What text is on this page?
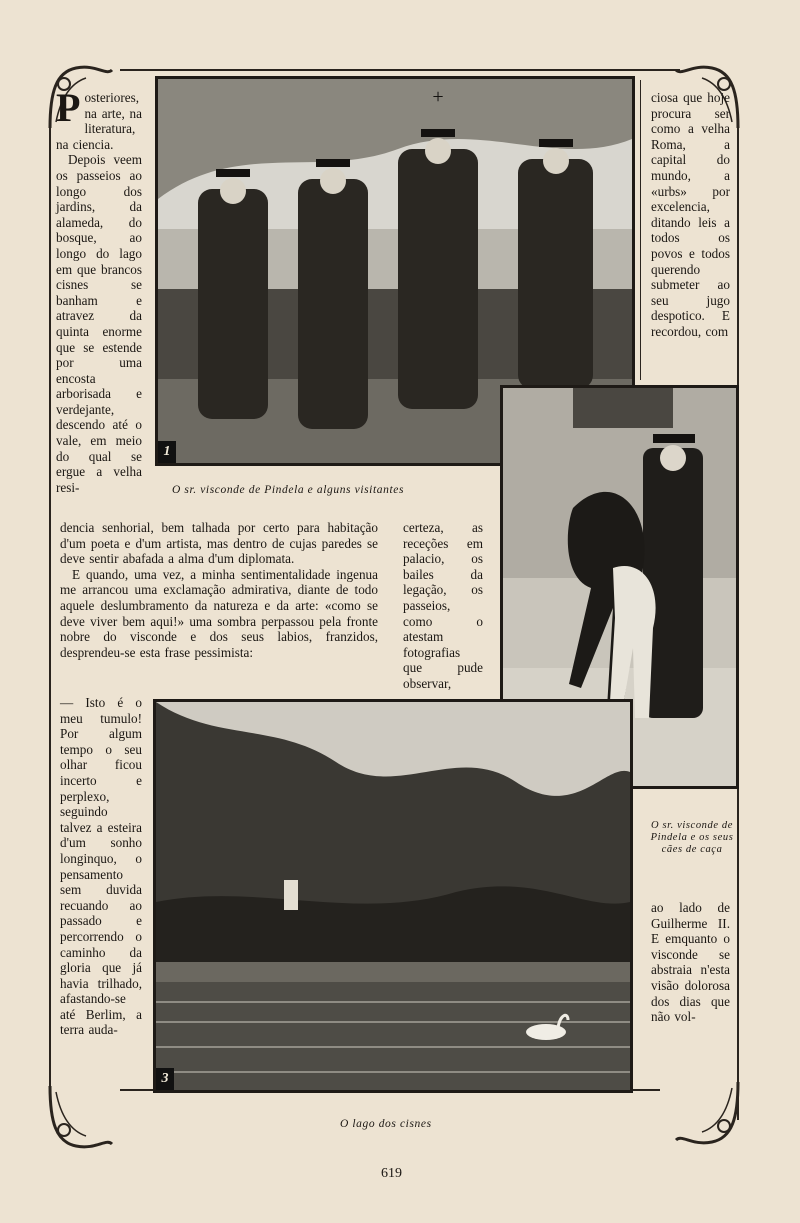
+
1
O sr. visconde de Pindela e alguns visitantes
O sr. visconde de Pindela e os seus cães de caça
3
O lago dos cisnes

P osteriores, na arte, na literatura, na ciencia.

Depois veem os passeios ao longo dos jardins, da alameda, do bosque, ao longo do lago em que brancos cisnes se banham e atravez da quinta enorme que se estende por uma encosta arborisada e verdejante, descendo até o vale, em meio do qual se ergue a velha resi-

dencia senhorial, bem talhada por certo para habitação d'um poeta e d'um artista, mas dentro de cujas paredes se deve sentir abafada a alma d'um diplomata.

E quando, uma vez, a minha sentimentalidade ingenua me arrancou uma exclamação admirativa, diante de todo aquele deslumbramento da natureza e da arte: «como se deve viver bem aqui!» uma sombra perpassou pela fronte nobre do visconde e dos seus labios, franzidos, desprendeu-se esta frase pessimista:

certeza, as receções em palacio, os bailes da legação, os passeios, como o atestam fotografias que pude observar,

— Isto é o meu tumulo! Por algum tempo o seu olhar ficou incerto e perplexo, seguindo talvez a esteira d'um sonho longinquo, o pensamento sem duvida recuando ao passado e percorrendo o caminho da gloria que já havia trilhado, afastando-se até Berlim, a terra auda-

ciosa que hoje procura ser como a velha Roma, a capital do mundo, a «urbs» por excelencia, ditando leis a todos os povos e todos querendo submeter ao seu jugo despotico. E recordou, com

ao lado de Guilherme II. E emquanto o visconde se abstraia n'esta visão dolorosa dos dias que não vol-

619
